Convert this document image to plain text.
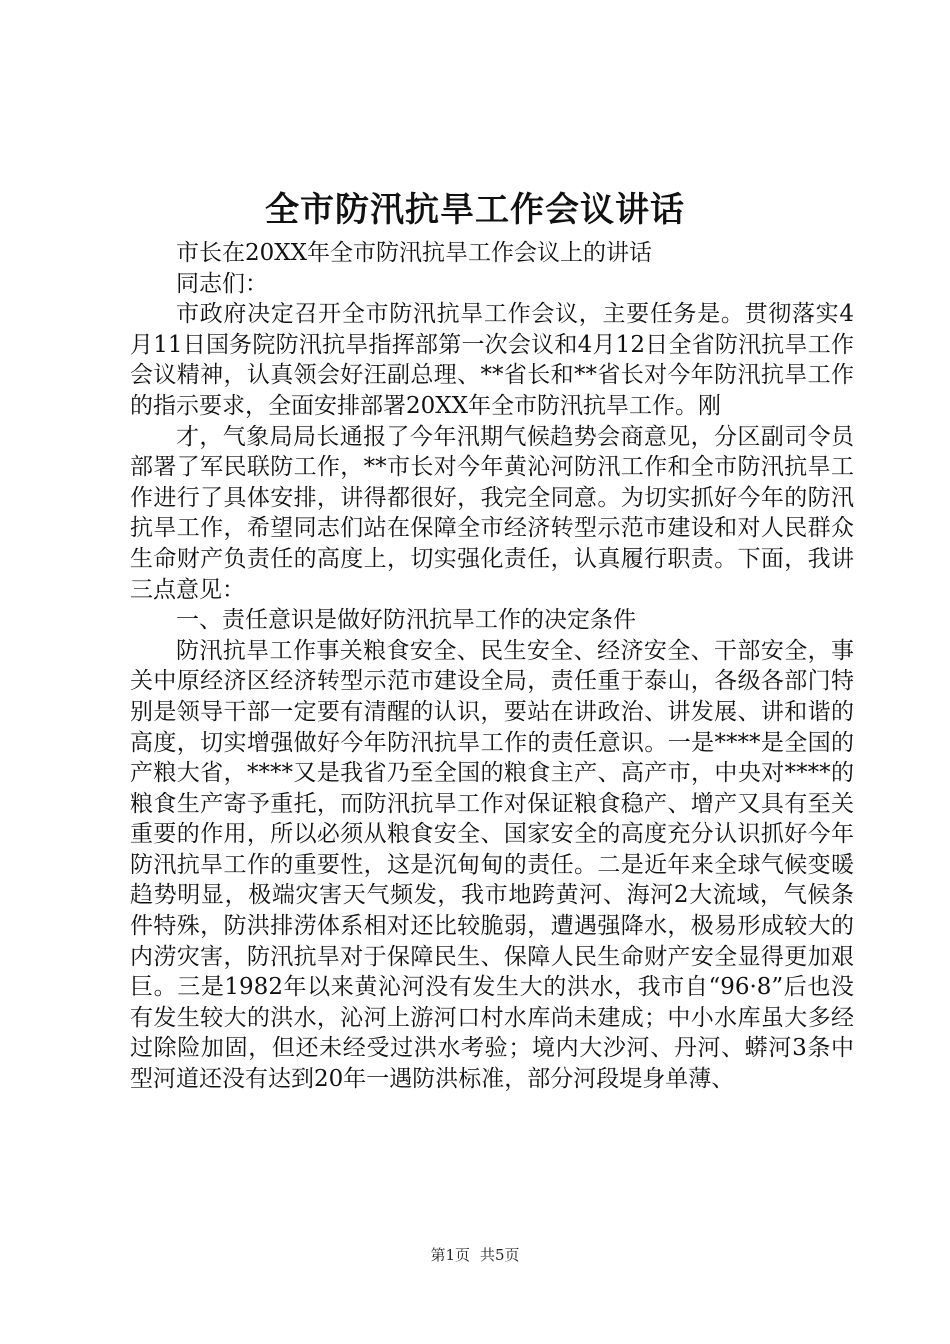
全市防汛抗旱工作会议讲话

市长在20XX年全市防汛抗旱工作会议上的讲话

同志们：

市政府决定召开全市防汛抗旱工作会议，主要任务是。贯彻落实4月11日国务院防汛抗旱指挥部第一次会议和4月12日全省防汛抗旱工作会议精神，认真领会好汪副总理、**省长和**省长对今年防汛抗旱工作的指示要求，全面安排部署20XX年全市防汛抗旱工作。刚

才，气象局局长通报了今年汛期气候趋势会商意见，分区副司令员部署了军民联防工作，**市长对今年黄沁河防汛工作和全市防汛抗旱工作进行了具体安排，讲得都很好，我完全同意。为切实抓好今年的防汛抗旱工作，希望同志们站在保障全市经济转型示范市建设和对人民群众生命财产负责任的高度上，切实强化责任，认真履行职责。下面，我讲三点意见：

一、责任意识是做好防汛抗旱工作的决定条件

防汛抗旱工作事关粮食安全、民生安全、经济安全、干部安全，事关中原经济区经济转型示范市建设全局，责任重于泰山，各级各部门特别是领导干部一定要有清醒的认识，要站在讲政治、讲发展、讲和谐的高度，切实增强做好今年防汛抗旱工作的责任意识。一是****是全国的产粮大省，****又是我省乃至全国的粮食主产、高产市，中央对****的粮食生产寄予重托，而防汛抗旱工作对保证粮食稳产、增产又具有至关重要的作用，所以必须从粮食安全、国家安全的高度充分认识抓好今年防汛抗旱工作的重要性，这是沉甸甸的责任。二是近年来全球气候变暖趋势明显，极端灾害天气频发，我市地跨黄河、海河2大流域，气候条件特殊，防洪排涝体系相对还比较脆弱，遭遇强降水，极易形成较大的内涝灾害，防汛抗旱对于保障民生、保障人民生命财产安全显得更加艰巨。三是1982年以来黄沁河没有发生大的洪水，我市自“96·8”后也没有发生较大的洪水，沁河上游河口村水库尚未建成；中小水库虽大多经过除险加固，但还未经受过洪水考验；境内大沙河、丹河、蟒河3条中型河道还没有达到20年一遇防洪标准，部分河段堤身单薄、

第1页 共5页
